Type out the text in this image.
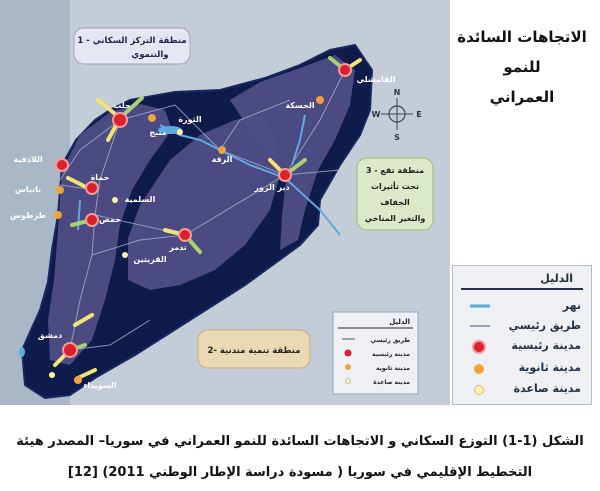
حلب
الثورة
الرقة
دير الزور
تدمر
حماة
حمص
اللاذقية
بانياس
طرطوس
السلمية
القريتين
دمشق
السويداء
القامشلي
الحسكة
منبج
1 - منطقة التركز السكاني
والتنموي
3 - منطقة تقع
تحت تأثيرات
الجفاف
والتغير المناخي
2- منطقة تنمية متدنية
N
S
W	E
الدليل
طريق رئيسي
مدينة رئيسية
مدينة ثانوية
مدينة صاعدة
الاتجاهات السائدة للنمو
العمراني
الدليل
نهر
طريق رئيسي
مدينة رئيسية
مدينة ثانوية
مدينة صاعدة
الشكل (1-1) التوزع السكاني و الاتجاهات السائدة للنمو العمراني في سوريا– المصدر هيئة
التخطيط الإقليمي في سوريا ( مسودة دراسة الإطار الوطني 2011) [12]
